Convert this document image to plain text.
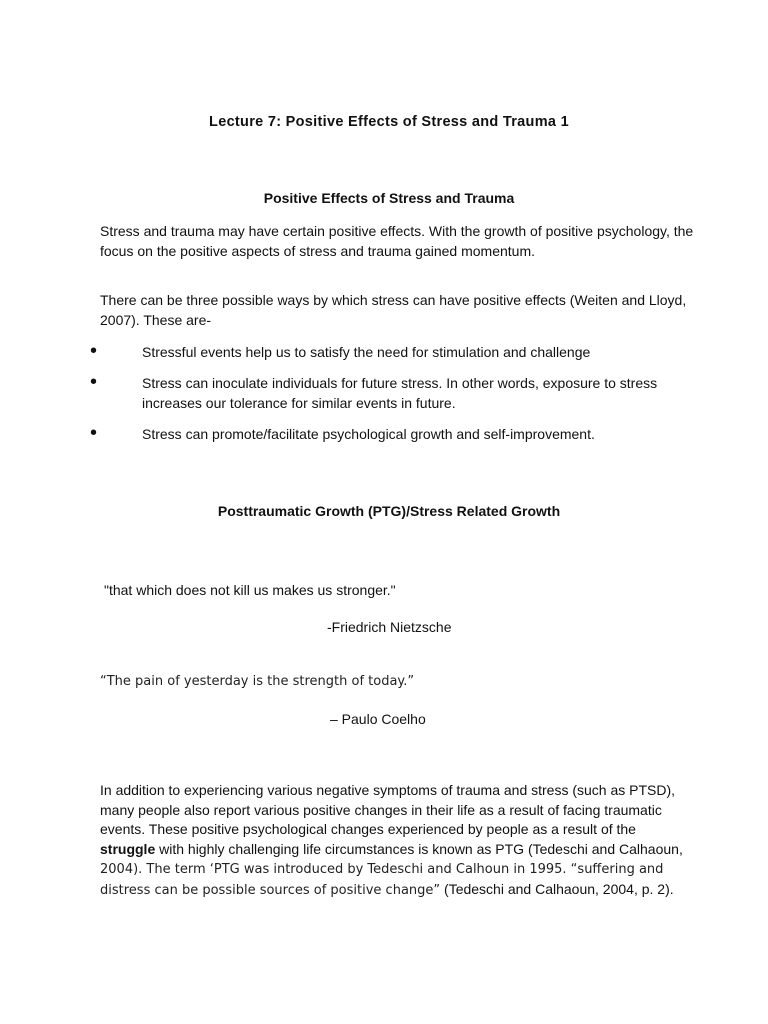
Lecture 7: Positive Effects of Stress and Trauma 1
Positive Effects of Stress and Trauma
Stress and trauma may have certain positive effects. With the growth of positive psychology, the focus on the positive aspects of stress and trauma gained momentum.
There can be three possible ways by which stress can have positive effects (Weiten and Lloyd, 2007). These are-
•	Stressful events help us to satisfy the need for stimulation and challenge
•	Stress can inoculate individuals for future stress. In other words, exposure to stress increases our tolerance for similar events in future.
•	Stress can promote/facilitate psychological growth and self-improvement.
Posttraumatic Growth (PTG)/Stress Related Growth
"that which does not kill us makes us stronger."
-Friedrich Nietzsche
“The pain of yesterday is the strength of today.”
– Paulo Coelho
In addition to experiencing various negative symptoms of trauma and stress (such as PTSD), many people also report various positive changes in their life as a result of facing traumatic events. These positive psychological changes experienced by people as a result of the struggle with highly challenging life circumstances is known as PTG (Tedeschi and Calhaoun, 2004). The term ‘PTG was introduced by Tedeschi and Calhoun in 1995. “suffering and distress can be possible sources of positive change” (Tedeschi and Calhaoun, 2004, p. 2).
